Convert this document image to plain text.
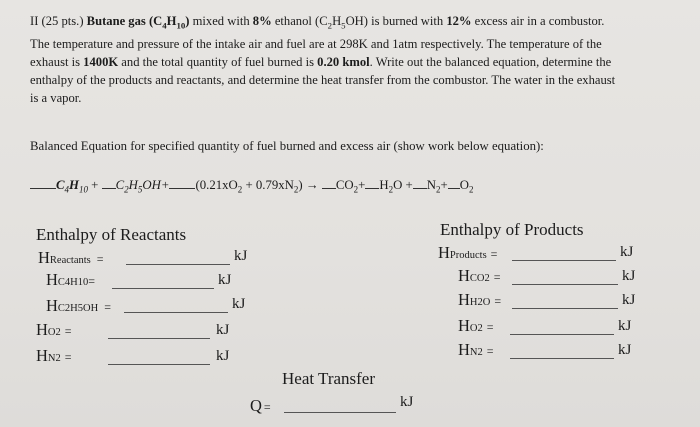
II (25 pts.) Butane gas $(C_4H_{10})$ mixed with 8% ethanol $(C_2H_5OH)$ is burned with 12% excess air in a combustor.
The temperature and pressure of the intake air and fuel are at 298K and 1atm respectively. The temperature of the
exhaust is 1400K and the total quantity of fuel burned is 0.20 kmol. Write out the balanced equation, determine the
enthalpy of the products and reactants, and determine the heat transfer from the combustor. The water in the exhaust
is a vapor.
Balanced Equation for specified quantity of fuel burned and excess air (show work below equation):
$C_4H_{10} + C_2H_5OH+ (0.21xO_2 + 0.79xN_2) \to CO_2+ H_2O + N_2+ O_2$
Enthalpy of Reactants
HReactants =	kJ
HC4H10=	kJ
HC2H5OH =	kJ
HO2 =	kJ
HN2 =	kJ
Enthalpy of Products
HProducts =	kJ
HCO2 =	kJ
HH2O =	kJ
HO2 =	kJ
HN2 =	kJ
Heat Transfer
Q =	kJ
